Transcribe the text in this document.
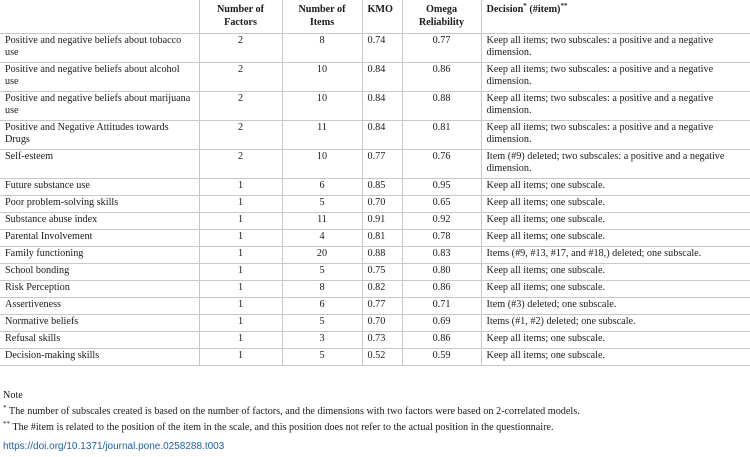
	Number of Factors	Number of Items	KMO	Omega Reliability	Decision* (#item)**
Positive and negative beliefs about tobacco use	2	8	0.74	0.77	Keep all items; two subscales: a positive and a negative dimension.
Positive and negative beliefs about alcohol use	2	10	0.84	0.86	Keep all items; two subscales: a positive and a negative dimension.
Positive and negative beliefs about marijuana use	2	10	0.84	0.88	Keep all items; two subscales: a positive and a negative dimension.
Positive and Negative Attitudes towards Drugs	2	11	0.84	0.81	Keep all items; two subscales: a positive and a negative dimension.
Self-esteem	2	10	0.77	0.76	Item (#9) deleted; two subscales: a positive and a negative dimension.
Future substance use	1	6	0.85	0.95	Keep all items; one subscale.
Poor problem-solving skills	1	5	0.70	0.65	Keep all items; one subscale.
Substance abuse index	1	11	0.91	0.92	Keep all items; one subscale.
Parental Involvement	1	4	0.81	0.78	Keep all items; one subscale.
Family functioning	1	20	0.88	0.83	Items (#9, #13, #17, and #18,) deleted; one subscale.
School bonding	1	5	0.75	0.80	Keep all items; one subscale.
Risk Perception	1	8	0.82	0.86	Keep all items; one subscale.
Assertiveness	1	6	0.77	0.71	Item (#3) deleted; one subscale.
Normative beliefs	1	5	0.70	0.69	Items (#1, #2) deleted; one subscale.
Refusal skills	1	3	0.73	0.86	Keep all items; one subscale.
Decision-making skills	1	5	0.52	0.59	Keep all items; one subscale.
Note
* The number of subscales created is based on the number of factors, and the dimensions with two factors were based on 2-correlated models.
** The #item is related to the position of the item in the scale, and this position does not refer to the actual position in the questionnaire.
https://doi.org/10.1371/journal.pone.0258288.t003
